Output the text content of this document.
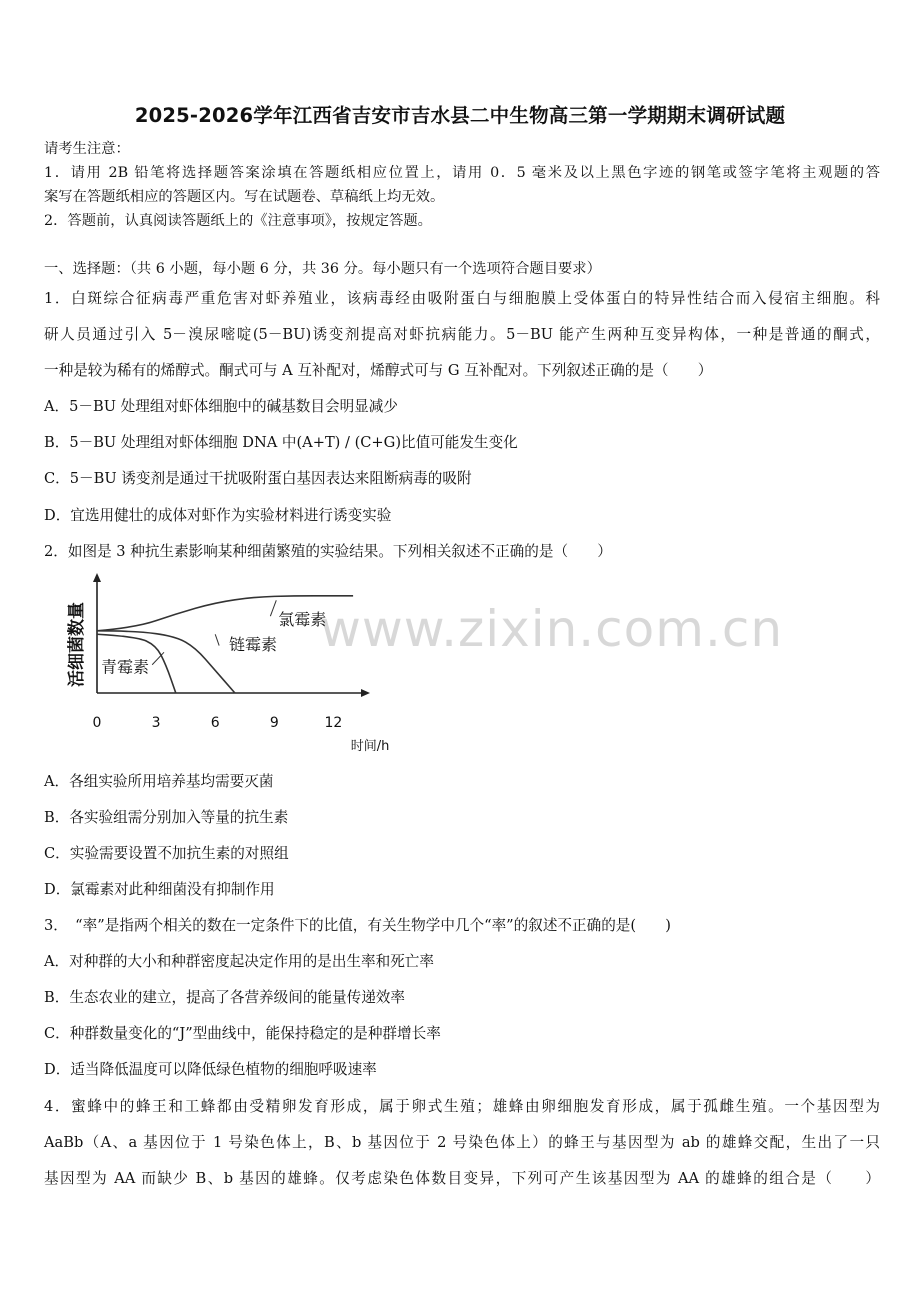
www.zixin.com.cn
2025-2026学年江西省吉安市吉水县二中生物高三第一学期期末调研试题
请考生注意：
1．请用 2B 铅笔将选择题答案涂填在答题纸相应位置上，请用 0．5 毫米及以上黑色字迹的钢笔或签字笔将主观题的答
案写在答题纸相应的答题区内。写在试题卷、草稿纸上均无效。
2．答题前，认真阅读答题纸上的《注意事项》，按规定答题。
一、选择题：（共 6 小题，每小题 6 分，共 36 分。每小题只有一个选项符合题目要求）
1．白斑综合征病毒严重危害对虾养殖业，该病毒经由吸附蛋白与细胞膜上受体蛋白的特异性结合而入侵宿主细胞。科
研人员通过引入 5－溴尿嘧啶(5－BU)诱变剂提高对虾抗病能力。5－BU 能产生两种互变异构体，一种是普通的酮式，
一种是较为稀有的烯醇式。酮式可与 A 互补配对，烯醇式可与 G 互补配对。下列叙述正确的是（　　）
A．5－BU 处理组对虾体细胞中的碱基数目会明显减少
B．5－BU 处理组对虾体细胞 DNA 中(A+T) / (C+G)比值可能发生变化
C．5－BU 诱变剂是通过干扰吸附蛋白基因表达来阻断病毒的吸附
D．宜选用健壮的成体对虾作为实验材料进行诱变实验
2．如图是 3 种抗生素影响某种细菌繁殖的实验结果。下列相关叙述不正确的是（　　）
0	3	6	9	12
活细菌数量
时间/h
氯霉素
链霉素
青霉素
A．各组实验所用培养基均需要灭菌
B．各实验组需分别加入等量的抗生素
C．实验需要设置不加抗生素的对照组
D．氯霉素对此种细菌没有抑制作用
3．　“率”是指两个相关的数在一定条件下的比值，有关生物学中几个“率”的叙述不正确的是(　　)
A．对种群的大小和种群密度起决定作用的是出生率和死亡率
B．生态农业的建立，提高了各营养级间的能量传递效率
C．种群数量变化的“J”型曲线中，能保持稳定的是种群增长率
D．适当降低温度可以降低绿色植物的细胞呼吸速率
4．蜜蜂中的蜂王和工蜂都由受精卵发育形成，属于卵式生殖；雄蜂由卵细胞发育形成，属于孤雌生殖。一个基因型为
AaBb（A、a 基因位于 1 号染色体上，B、b 基因位于 2 号染色体上）的蜂王与基因型为 ab 的雄蜂交配，生出了一只
基因型为 AA 而缺少 B、b 基因的雄蜂。仅考虑染色体数目变异，下列可产生该基因型为 AA 的雄蜂的组合是（　　）
